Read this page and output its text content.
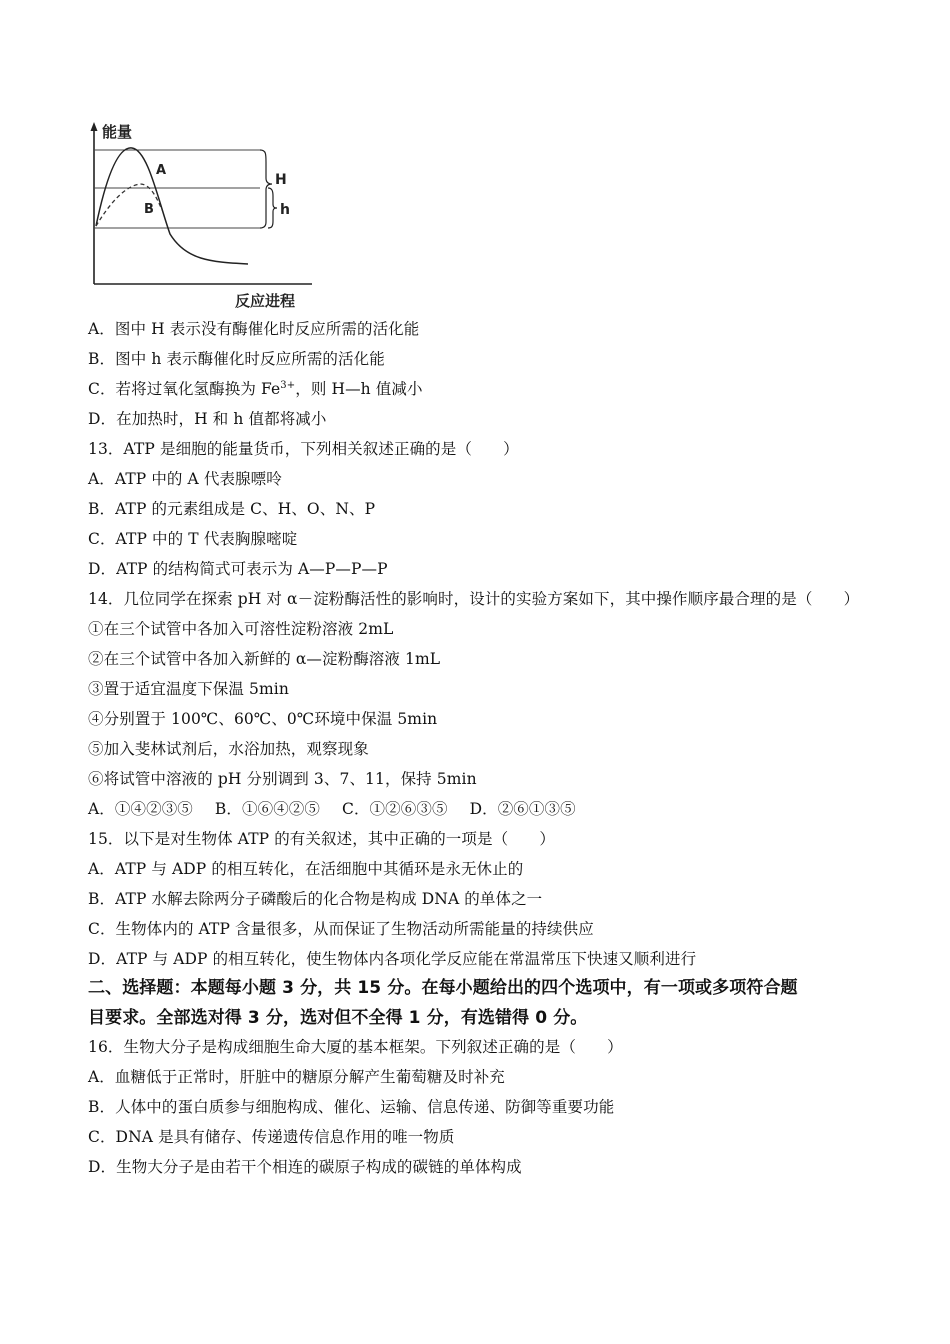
能量
反应进程
A
B
H
h
A．图中 H 表示没有酶催化时反应所需的活化能
B．图中 h 表示酶催化时反应所需的活化能
C．若将过氧化氢酶换为 $Fe^{3+}$，则 H—h 值减小
D．在加热时，H 和 h 值都将减小
13．ATP 是细胞的能量货币，下列相关叙述正确的是（　　）
A．ATP 中的 A 代表腺嘌呤
B．ATP 的元素组成是 C、H、O、N、P
C．ATP 中的 T 代表胸腺嘧啶
D．ATP 的结构简式可表示为 A—P—P—P
14．几位同学在探索 pH 对 α－淀粉酶活性的影响时，设计的实验方案如下，其中操作顺序最合理的是（　　）
①在三个试管中各加入可溶性淀粉溶液 2mL
②在三个试管中各加入新鲜的 α—淀粉酶溶液 1mL
③置于适宜温度下保温 5min
④分别置于 100℃、60℃、0℃环境中保温 5min
⑤加入斐林试剂后，水浴加热，观察现象
⑥将试管中溶液的 pH 分别调到 3、7、11，保持 5min
A．①④②③⑤ B．①⑥④②⑤ C．①②⑥③⑤ D．②⑥①③⑤
15．以下是对生物体 ATP 的有关叙述，其中正确的一项是（　　）
A．ATP 与 ADP 的相互转化，在活细胞中其循环是永无休止的
B．ATP 水解去除两分子磷酸后的化合物是构成 DNA 的单体之一
C．生物体内的 ATP 含量很多，从而保证了生物活动所需能量的持续供应
D．ATP 与 ADP 的相互转化，使生物体内各项化学反应能在常温常压下快速又顺利进行
二、选择题：本题每小题 3 分，共 15 分。在每小题给出的四个选项中，有一项或多项符合题
目要求。全部选对得 3 分，选对但不全得 1 分，有选错得 0 分。
16．生物大分子是构成细胞生命大厦的基本框架。下列叙述正确的是（　　）
A．血糖低于正常时，肝脏中的糖原分解产生葡萄糖及时补充
B．人体中的蛋白质参与细胞构成、催化、运输、信息传递、防御等重要功能
C．DNA 是具有储存、传递遗传信息作用的唯一物质
D．生物大分子是由若干个相连的碳原子构成的碳链的单体构成
